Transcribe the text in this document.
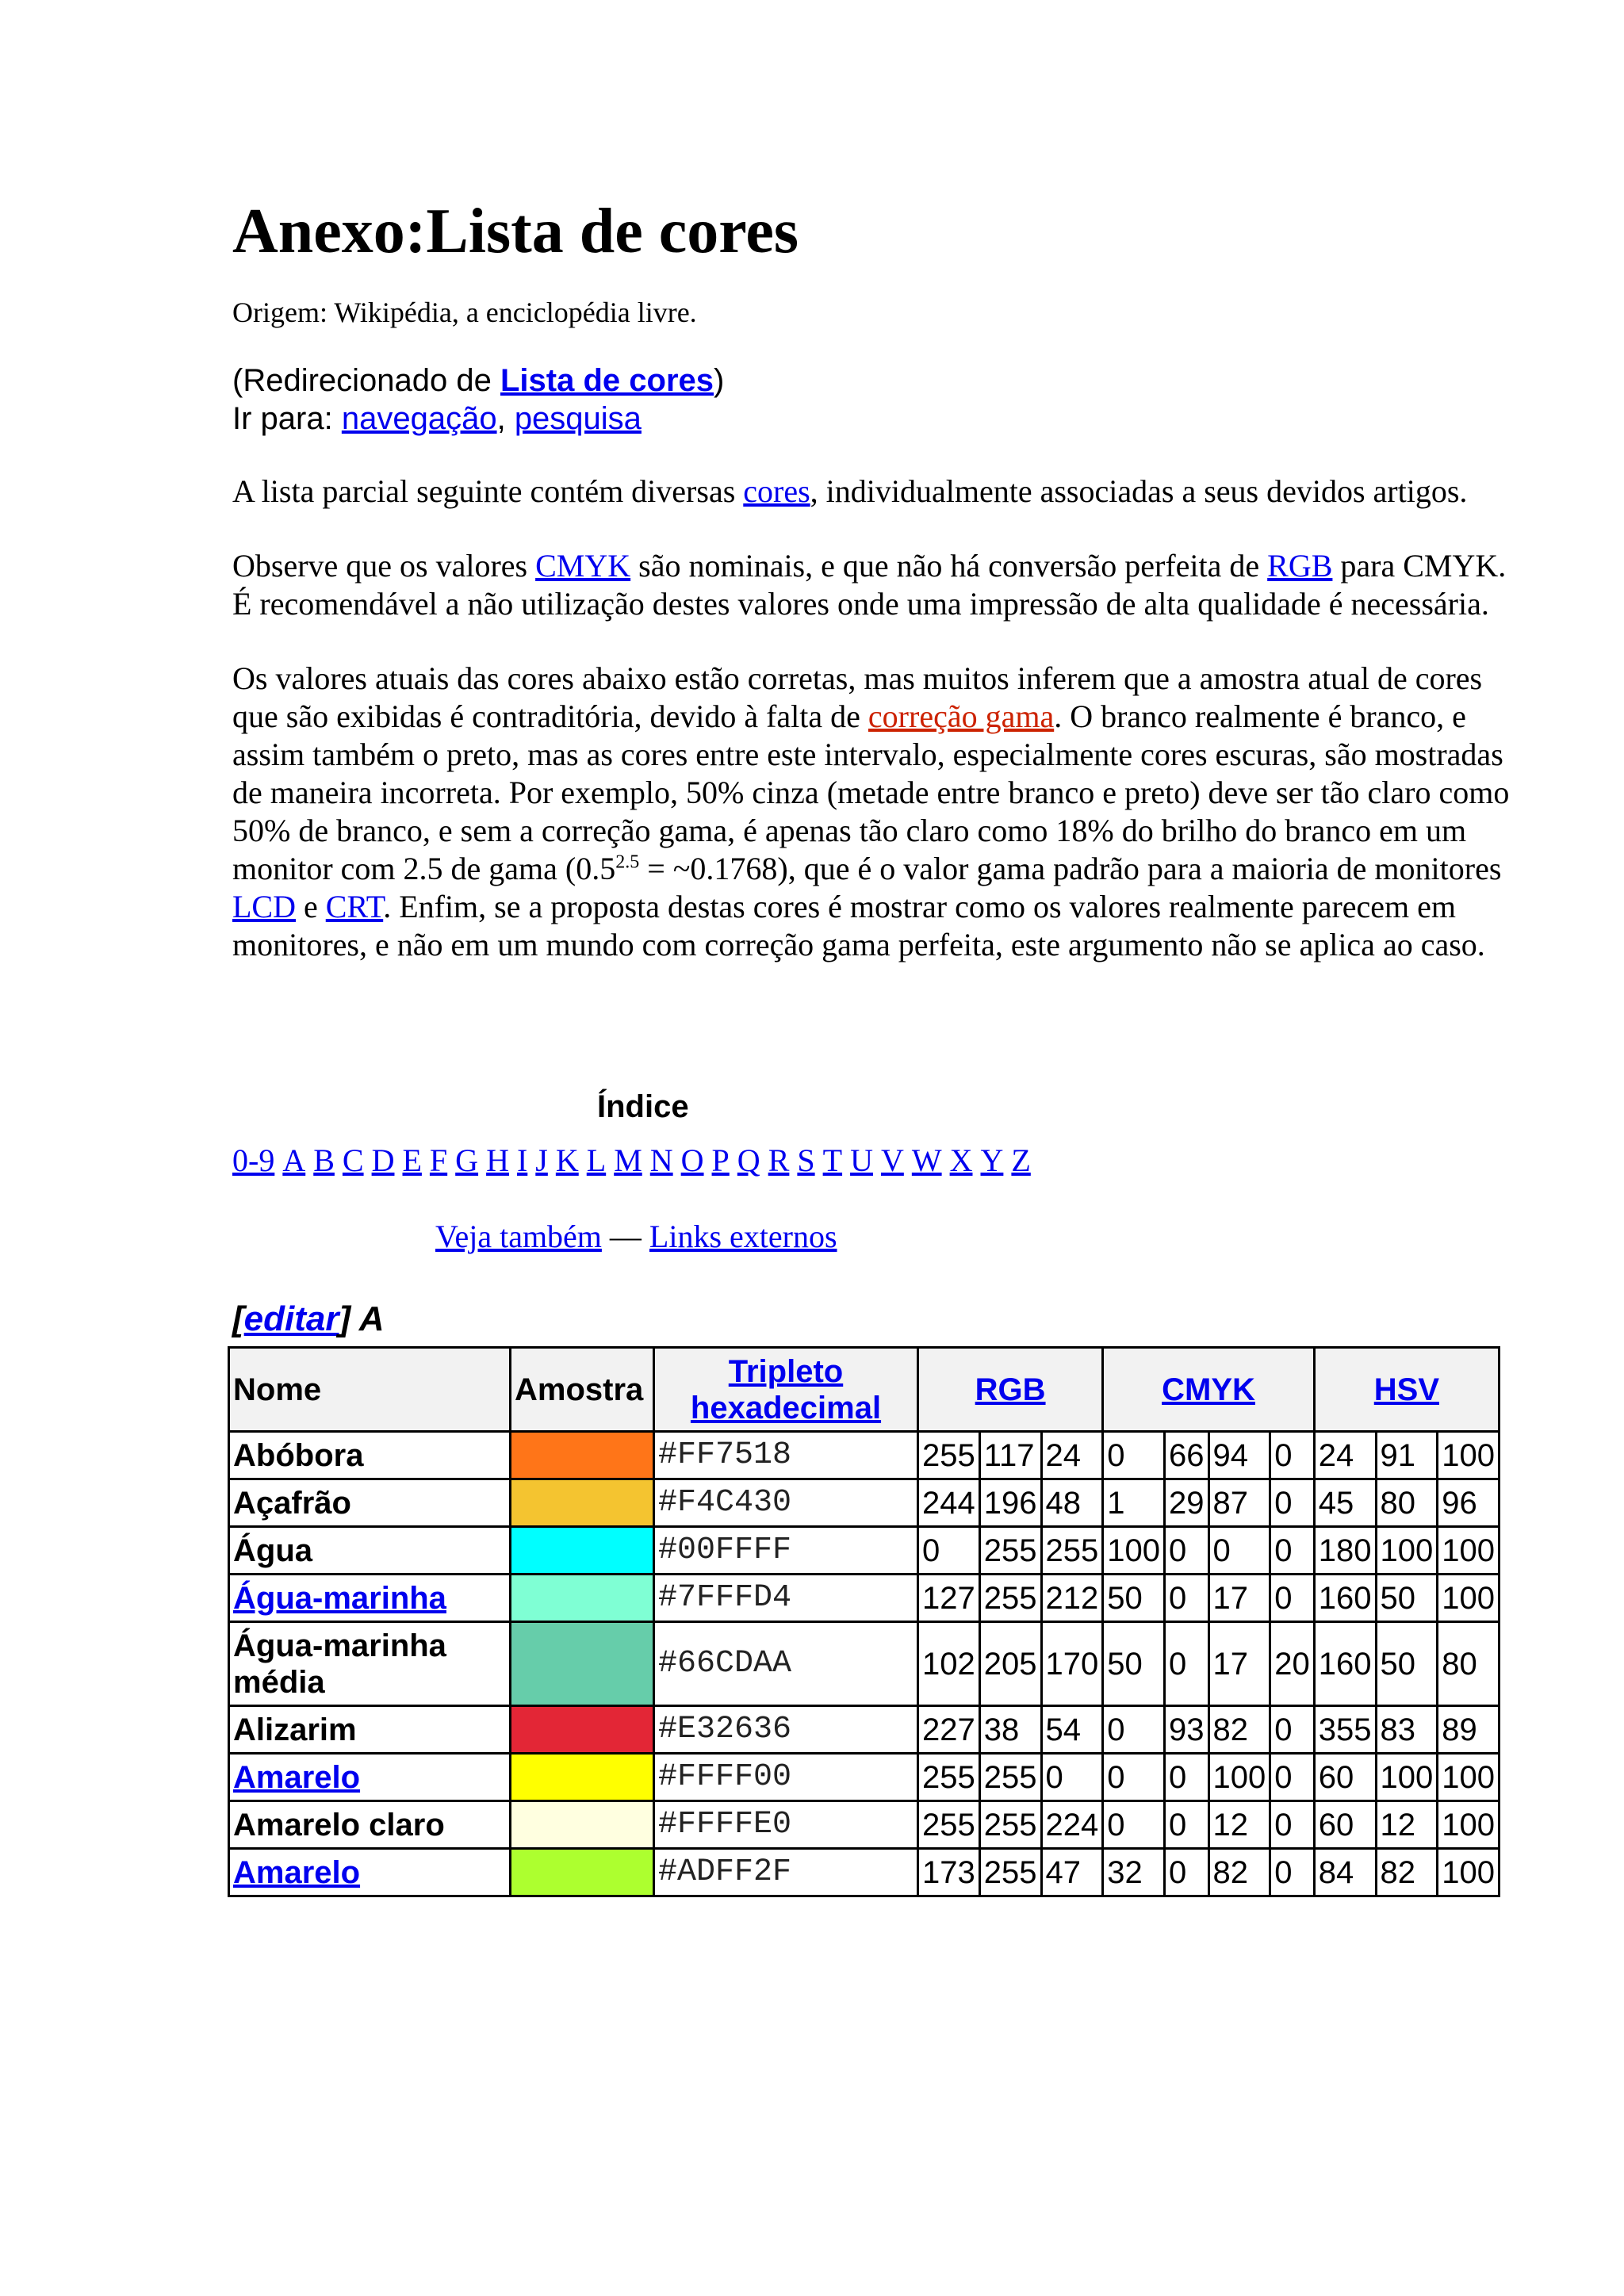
Anexo:Lista de cores
Origem: Wikipédia, a enciclopédia livre.
(Redirecionado de Lista de cores)
Ir para: navegação, pesquisa

A lista parcial seguinte contém diversas cores, individualmente associadas a seus devidos artigos.

Observe que os valores CMYK são nominais, e que não há conversão perfeita de RGB para CMYK. É recomendável a não utilização destes valores onde uma impressão de alta qualidade é necessária.

Os valores atuais das cores abaixo estão corretas, mas muitos inferem que a amostra atual de cores que são exibidas é contraditória, devido à falta de correção gama. O branco realmente é branco, e assim também o preto, mas as cores entre este intervalo, especialmente cores escuras, são mostradas de maneira incorreta. Por exemplo, 50% cinza (metade entre branco e preto) deve ser tão claro como 50% de branco, e sem a correção gama, é apenas tão claro como 18% do brilho do branco em um monitor com 2.5 de gama ($0.5^{2.5}$ = ~0.1768), que é o valor gama padrão para a maioria de monitores LCD e CRT. Enfim, se a proposta destas cores é mostrar como os valores realmente parecem em monitores, e não em um mundo com correção gama perfeita, este argumento não se aplica ao caso.

Índice
0-9 A B C D E F G H I J K L M N O P Q R S T U V W X Y Z
Veja também — Links externos
[editar] A
Nome	Amostra	Tripleto hexadecimal	RGB			CMYK				HSV		
Abóbora		#FF7518	255	117	24	0	66	94	0	24	91	100
Açafrão		#F4C430	244	196	48	1	29	87	0	45	80	96
Água		#00FFFF	0	255	255	100	0	0	0	180	100	100
Água-marinha		#7FFFD4	127	255	212	50	0	17	0	160	50	100
Água-marinha média		#66CDAA	102	205	170	50	0	17	20	160	50	80
Alizarim		#E32636	227	38	54	0	93	82	0	355	83	89
Amarelo		#FFFF00	255	255	0	0	0	100	0	60	100	100
Amarelo claro		#FFFFE0	255	255	224	0	0	12	0	60	12	100
Amarelo		#ADFF2F	173	255	47	32	0	82	0	84	82	100
